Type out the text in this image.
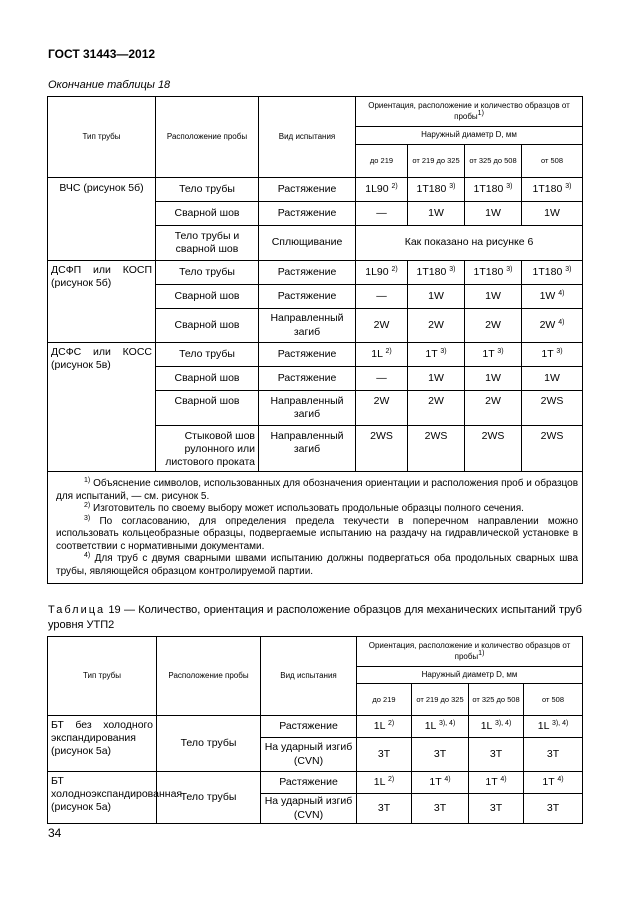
ГОСТ 31443—2012
Окончание таблицы 18
Тип трубы	Расположение пробы	Вид испытания	Ориентация, расположение и количество образцов от пробы$^{1)}$
			Наружный диаметр D, мм			
			до 219	от 219 до 325	от 325 до 508	от 508
ВЧС (рисунок 5б)	Тело трубы	Растяжение	1L90 $^{2)}$	1T180 $^{3)}$	1T180 $^{3)}$	1T180 $^{3)}$
	Сварной шов	Растяжение	—	1W	1W	1W
	Тело трубы и сварной шов	Сплющивание	Как показано на рисунке 6			
ДСФП или КОСП (рисунок 5б)	Тело трубы	Растяжение	1L90 $^{2)}$	1T180 $^{3)}$	1T180 $^{3)}$	1T180 $^{3)}$
	Сварной шов	Растяжение	—	1W	1W	1W $^{4)}$
	Сварной шов	Направленный загиб	2W	2W	2W	2W $^{4)}$
ДСФС или КОСС (рисунок 5в)	Тело трубы	Растяжение	1L $^{2)}$	1T $^{3)}$	1T $^{3)}$	1T $^{3)}$
	Сварной шов	Растяжение	—	1W	1W	1W
	Сварной шов	Направленный загиб	2W	2W	2W	2WS
	Стыковой шов рулонного или листового проката	Направленный загиб	2WS	2WS	2WS	2WS

$^{1)}$ Объяснение символов, использованных для обозначения ориентации и расположения проб и образцов для испытаний, — см. рисунок 5.
$^{2)}$ Изготовитель по своему выбору может использовать продольные образцы полного сечения.
$^{3)}$ По согласованию, для определения предела текучести в поперечном направлении можно использовать кольцеобразные образцы, подвергаемые испытанию на раздачу на гидравлической установке в соответствии с нормативными документами.
$^{4)}$ Для труб с двумя сварными швами испытанию должны подвергаться оба продольных сварных шва трубы, являющейся образцом контролируемой партии.						
Таблица 19 — Количество, ориентация и расположение образцов для механических испытаний труб уровня УТП2
Тип трубы	Расположение пробы	Вид испытания	Ориентация, расположение и количество образцов от пробы$^{1)}$
			Наружный диаметр D, мм			
			до 219	от 219 до 325	от 325 до 508	от 508
БТ без холодного экспандирования (рисунок 5а)	Тело трубы	Растяжение	1L $^{2)}$	1L $^{3), 4)}$	1L $^{3), 4)}$	1L $^{3), 4)}$
		На ударный изгиб (CVN)	3T	3T	3T	3T
БТ холодноэкспандированная (рисунок 5а)	Тело трубы	Растяжение	1L $^{2)}$	1T $^{4)}$	1T $^{4)}$	1T $^{4)}$
		На ударный изгиб (CVN)	3T	3T	3T	3T
34
